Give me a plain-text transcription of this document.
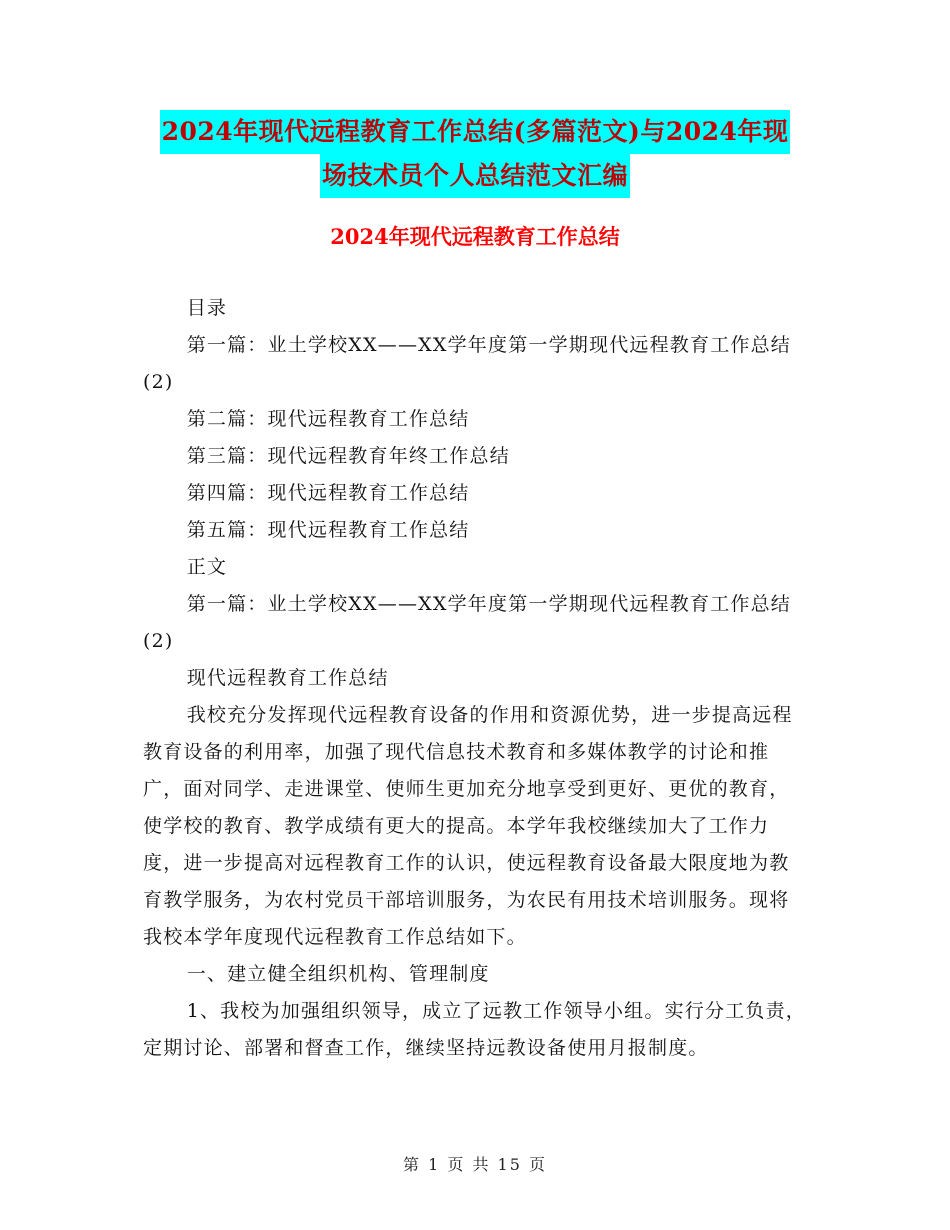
2024年现代远程教育工作总结(多篇范文)与2024年现
场技术员个人总结范文汇编
2024年现代远程教育工作总结

目录

第一篇：业土学校XX——XX学年度第一学期现代远程教育工作总结 (2)

第二篇：现代远程教育工作总结

第三篇：现代远程教育年终工作总结

第四篇：现代远程教育工作总结

第五篇：现代远程教育工作总结

正文

第一篇：业土学校XX——XX学年度第一学期现代远程教育工作总结 (2)

现代远程教育工作总结

我校充分发挥现代远程教育设备的作用和资源优势，进一步提高远程教育设备的利用率，加强了现代信息技术教育和多媒体教学的讨论和推广，面对同学、走进课堂、使师生更加充分地享受到更好、更优的教育，使学校的教育、教学成绩有更大的提高。本学年我校继续加大了工作力度，进一步提高对远程教育工作的认识，使远程教育设备最大限度地为教育教学服务，为农村党员干部培训服务，为农民有用技术培训服务。现将我校本学年度现代远程教育工作总结如下。

一、建立健全组织机构、管理制度

1、我校为加强组织领导，成立了远教工作领导小组。实行分工负责，定期讨论、部署和督查工作，继续坚持远教设备使用月报制度。

第 1 页 共 15 页
